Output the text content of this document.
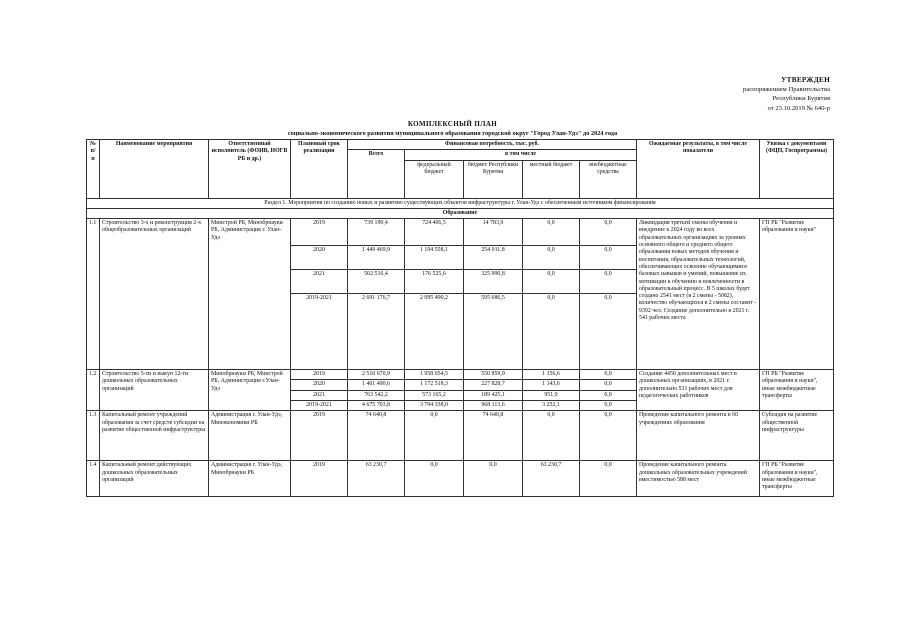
УТВЕРЖДЕН
распоряжением Правительства
Республики Бурятия
от 23.10.2019 № 640-р
КОМПЛЕКСНЫЙ ПЛАН
социально-экономического развития муниципального образования городской округ "Город Улан-Удэ" до 2024 года
№ п/п	Наименование мероприятия	Ответственный исполнитель (ФОИВ, ИОГВ РБ и др.)	Плановый срок реализации	Финансовая потребность, тыс. руб.					Ожидаемые результаты, в том числе показатели	Увязка с документами (ФЦП, Госпрограммы)
				Всего	в том числе					
					федеральный бюджет	бюджет Республики Бурятия	местный бюджет	внебюджетные средства		
Раздел 1. Мероприятия по созданию новых и развитию существующих объектов инфраструктуры г. Улан-Удэ с обеспеченным источником финансирования										
Образование										
1.1	Строительство 3-х и реконструкция 2-х общеобразовательных организаций	Минстрой РБ, Минобрнауки РБ, Администрация г. Улан-Удэ	2019	739 190,4	724 406,5	14 783,9	0,0	0,0	Ликвидация третьей смены обучения и внедрение к 2024 году во всех образовательных организациях за уровнях основного общего и среднего общего образования новых методов обучения и воспитания, образовательных технологий, обеспечивающих освоение обучающимися базовых навыков и умений, повышение их мотивации к обучению и вовлеченности в образовательный процесс. В 5 школах будет создано 2541 мест (в 2 смены - 5082), количество обучающихся в 2 смены составит - 9392 чел. Создание дополнительно в 2021 г. 541 рабочих места	ГП РБ "Развитие образования и науки"
			2020	1 449 469,9	1 194 558,1	254 911,8	0,0	0,0		
			2021	502 516,4	176 525,6	325 990,8	0,0	0,0		
			2019-2021	2 691 176,7	2 095 490,2	595 686,5	0,0	0,0		
1.2	Строительство 5-ти и выкуп 12-ти дошкольных образовательных организаций	Минобрнауки РБ, Минстрой РБ, Администрация г.Улан-Удэ	2019	2 510 670,9	1 958 654,5	550 859,9	1 156,6	0,0	Создание 4450 дополнительных мест в дошкольных организациях, в 2021 г. дополнительно 531 рабочих мест для педагогических работников	ГП РБ "Развитие образования и науки", иные межбюджетные трансферты
			2020	1 401 490,6	1 172 518,3	227 828,7	1 143,6	0,0		
			2021	763 542,2	573 165,2	189 425,1	951,9	0,0		
			2019-2021	4 675 703,8	3 704 338,0	968 113,6	3 252,1	0,0		
1.3	Капитальный ремонт учреждений образования за счет средств субсидии на развитие общественной инфраструктуры	Администрация г. Улан-Удэ, Минэкономики РБ	2019	74 640,8	0,0	74 640,8	0,0	0,0	Проведение капитального ремонта в 60 учреждениях образования	Субсидия на развитие общественной инфраструктуры
1.4	Капитальный ремонт действующих дошкольных образовательных организаций	Администрация г. Улан-Удэ, Минобрнауки РБ	2019	63 230,7	0,0	0,0	63 230,7	0,0	Проведение капитального ремонта дошкольных образовательных учреждений вместимостью 588 мест	ГП РБ "Развитие образования и науки", иные межбюджетные трансферты
